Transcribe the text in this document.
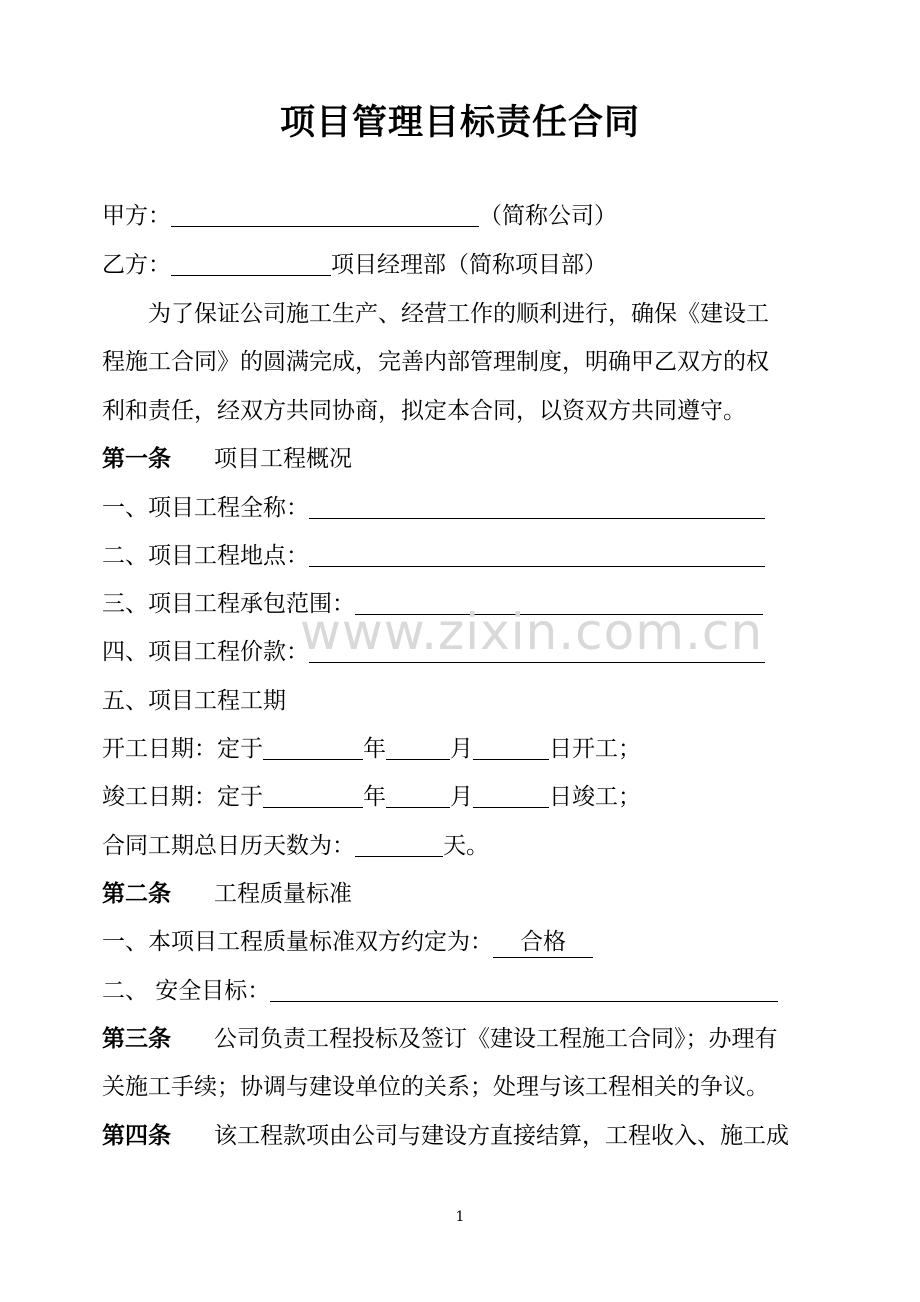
项目管理目标责任合同
甲方：	（简称公司）
乙方：	项目经理部（简称项目部）
为了保证公司施工生产、经营工作的顺利进行，确保《建设工
程施工合同》的圆满完成，完善内部管理制度，明确甲乙双方的权
利和责任，经双方共同协商，拟定本合同，以资双方共同遵守。
第一条 项目工程概况
一、项目工程全称：
二、项目工程地点：
三、项目工程承包范围：
四、项目工程价款：
五、项目工程工期
开工日期：定于	年	月	日开工；
竣工日期：定于	年	月	日竣工；
合同工期总日历天数为：	天。
第二条 工程质量标准
一、本项目工程质量标准双方约定为： 合格
二、 安全目标：
第三条 公司负责工程投标及签订《建设工程施工合同》；办理有
关施工手续；协调与建设单位的关系；处理与该工程相关的争议。
第四条 该工程款项由公司与建设方直接结算，工程收入、施工成
www.zixin.com.cn
1
